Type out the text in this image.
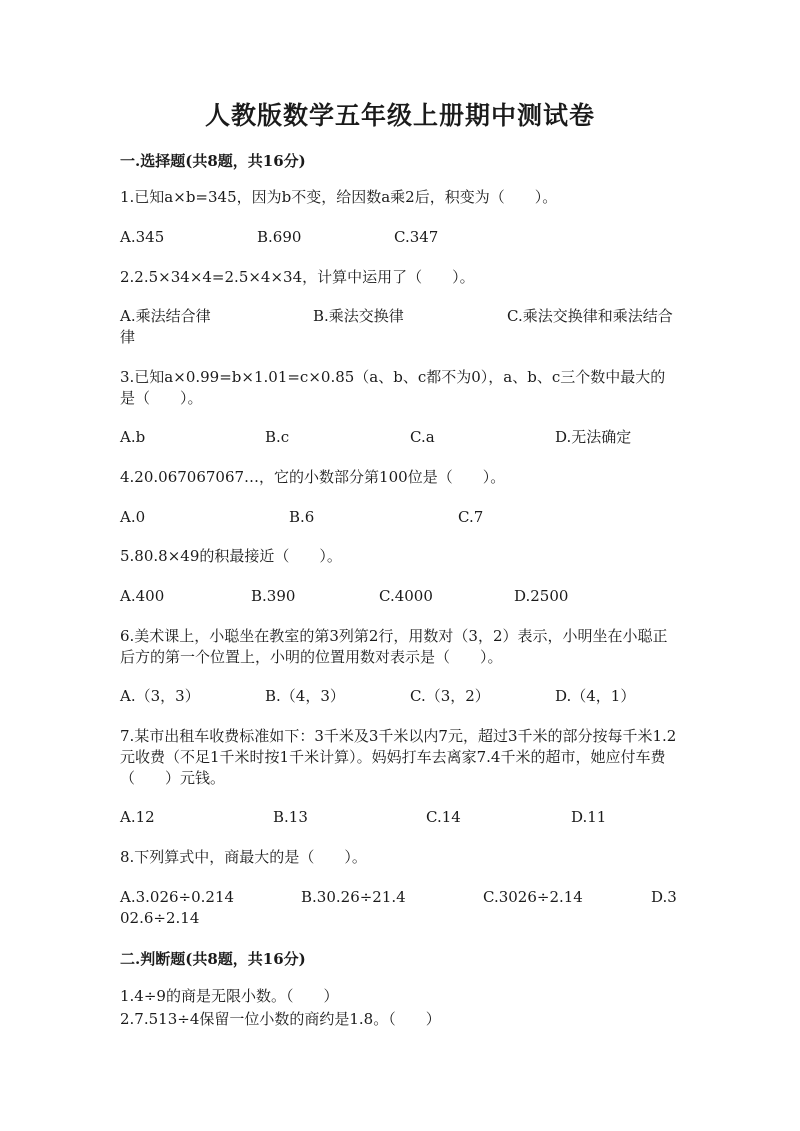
人教版数学五年级上册期中测试卷
一.选择题(共8题，共16分)
1.已知a×b=345，因为b不变，给因数a乘2后，积变为（　　）。
A.345	B.690	C.347
2.2.5×34×4=2.5×4×34，计算中运用了（　　）。
A.乘法结合律	B.乘法交换律	C.乘法交换律和乘法结合律
3.已知a×0.99=b×1.01=c×0.85（a、b、c都不为0），a、b、c三个数中最大的是（　　）。
A.b	B.c	C.a	D.无法确定
4.20.067067067…，它的小数部分第100位是（　　）。
A.0	B.6	C.7
5.80.8×49的积最接近（　　）。
A.400	B.390	C.4000	D.2500
6.美术课上，小聪坐在教室的第3列第2行，用数对（3，2）表示，小明坐在小聪正后方的第一个位置上，小明的位置用数对表示是（　　）。
A.（3，3）	B.（4，3）	C.（3，2）	D.（4，1）
7.某市出租车收费标准如下：3千米及3千米以内7元，超过3千米的部分按每千米1.2元收费（不足1千米时按1千米计算）。妈妈打车去离家7.4千米的超市，她应付车费（　　）元钱。
A.12	B.13	C.14	D.11
8.下列算式中，商最大的是（　　）。
A.3.026÷0.214	B.30.26÷21.4	C.3026÷2.14	D.302.6÷2.14
二.判断题(共8题，共16分)
1.4÷9的商是无限小数。（　　）
2.7.513÷4保留一位小数的商约是1.8。（　　）
